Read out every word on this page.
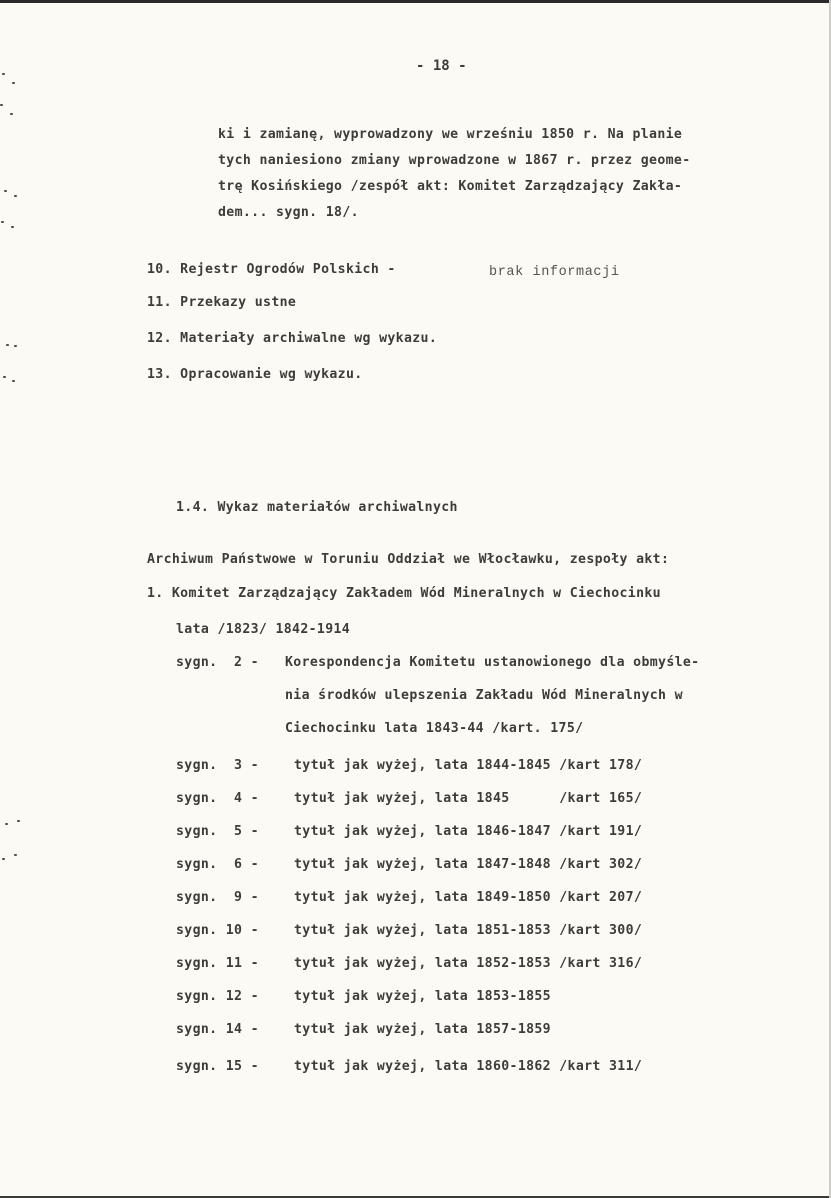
- 18 -
ki i zamianę, wyprowadzony we wrześniu 1850 r. Na planie
tych naniesiono zmiany wprowadzone w 1867 r. przez geome-
trę Kosińskiego /zespół akt: Komitet Zarządzający Zakła-
dem... sygn. 18/.
10. Rejestr Ogrodów Polskich -	brak informacji
11. Przekazy ustne
12. Materiały archiwalne wg wykazu.
13. Opracowanie wg wykazu.
1.4. Wykaz materiałów archiwalnych
Archiwum Państwowe w Toruniu Oddział we Włocławku, zespoły akt:
1. Komitet Zarządzający Zakładem Wód Mineralnych w Ciechocinku
lata /1823/ 1842-1914
sygn.  2 - Korespondencja Komitetu ustanowionego dla obmyśle-
nia środków ulepszenia Zakładu Wód Mineralnych w
Ciechocinku lata 1843-44 /kart. 175/
sygn.  3 -	tytuł jak wyżej, lata 1844-1845 /kart 178/
sygn.  4 -	tytuł jak wyżej, lata 1845      /kart 165/
sygn.  5 -	tytuł jak wyżej, lata 1846-1847 /kart 191/
sygn.  6 -	tytuł jak wyżej, lata 1847-1848 /kart 302/
sygn.  9 -	tytuł jak wyżej, lata 1849-1850 /kart 207/
sygn. 10 -	tytuł jak wyżej, lata 1851-1853 /kart 300/
sygn. 11 -	tytuł jak wyżej, lata 1852-1853 /kart 316/
sygn. 12 -	tytuł jak wyżej, lata 1853-1855
sygn. 14 -	tytuł jak wyżej, lata 1857-1859
sygn. 15 -	tytuł jak wyżej, lata 1860-1862 /kart 311/
